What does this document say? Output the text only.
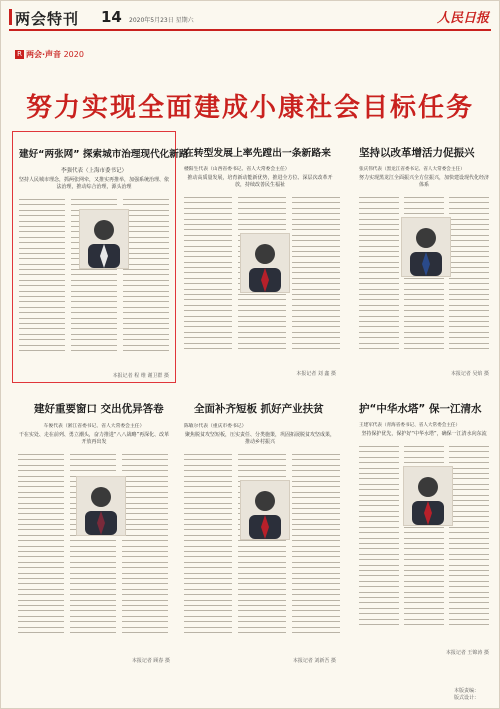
两会特刊 14 2020年5月23日 星期六	人民日报
R 两会·声音 2020
努力实现全面建成小康社会目标任务
建好“两张网” 探索城市治理现代化新路
李强代表（上海市委书记）
坚持人民城市理念，抓两张网牵，又推实再推举，加强系统治理、依法治理，推动综合治理，源头治理
本报记者 程 维 谢卫群 摄
在转型发展上率先蹚出一条新路来
楼阳生代表（山西省委书记、省人大常委会主任）
推动高质量发展，培育新动能新优势，推进全方位、深层次改革开放，持续改善民生福祉
本报记者 刘 鑫 摄
坚持以改革增活力促振兴
张庆伟代表（黑龙江省委书记、省人大常委会主任）
努力实现黑龙江全面振兴全方位振兴，加快建设现代化经济体系
本报记者 吴焰 摄
建好重要窗口 交出优异答卷
车俊代表（浙江省委书记、省人大常委会主任）
干在实处、走在前列、勇立潮头，奋力推进“八八战略”再深化、改革开放再出发
本报记者 顾春 摄
全面补齐短板 抓好产业扶贫
陈敏尔代表（重庆市委书记）
聚焦脱贫攻坚短板，压实责任、分类施策，巩固拓展脱贫攻坚成果，推动乡村振兴
本报记者 刘新吾 摄
护“中华水塔” 保一江清水
王建军代表（青海省委书记、省人大常委会主任）
坚持保护优先，保护好“中华水塔”，确保一江清水向东流
本报记者 王锦涛 摄
本版责编：
版式设计：
